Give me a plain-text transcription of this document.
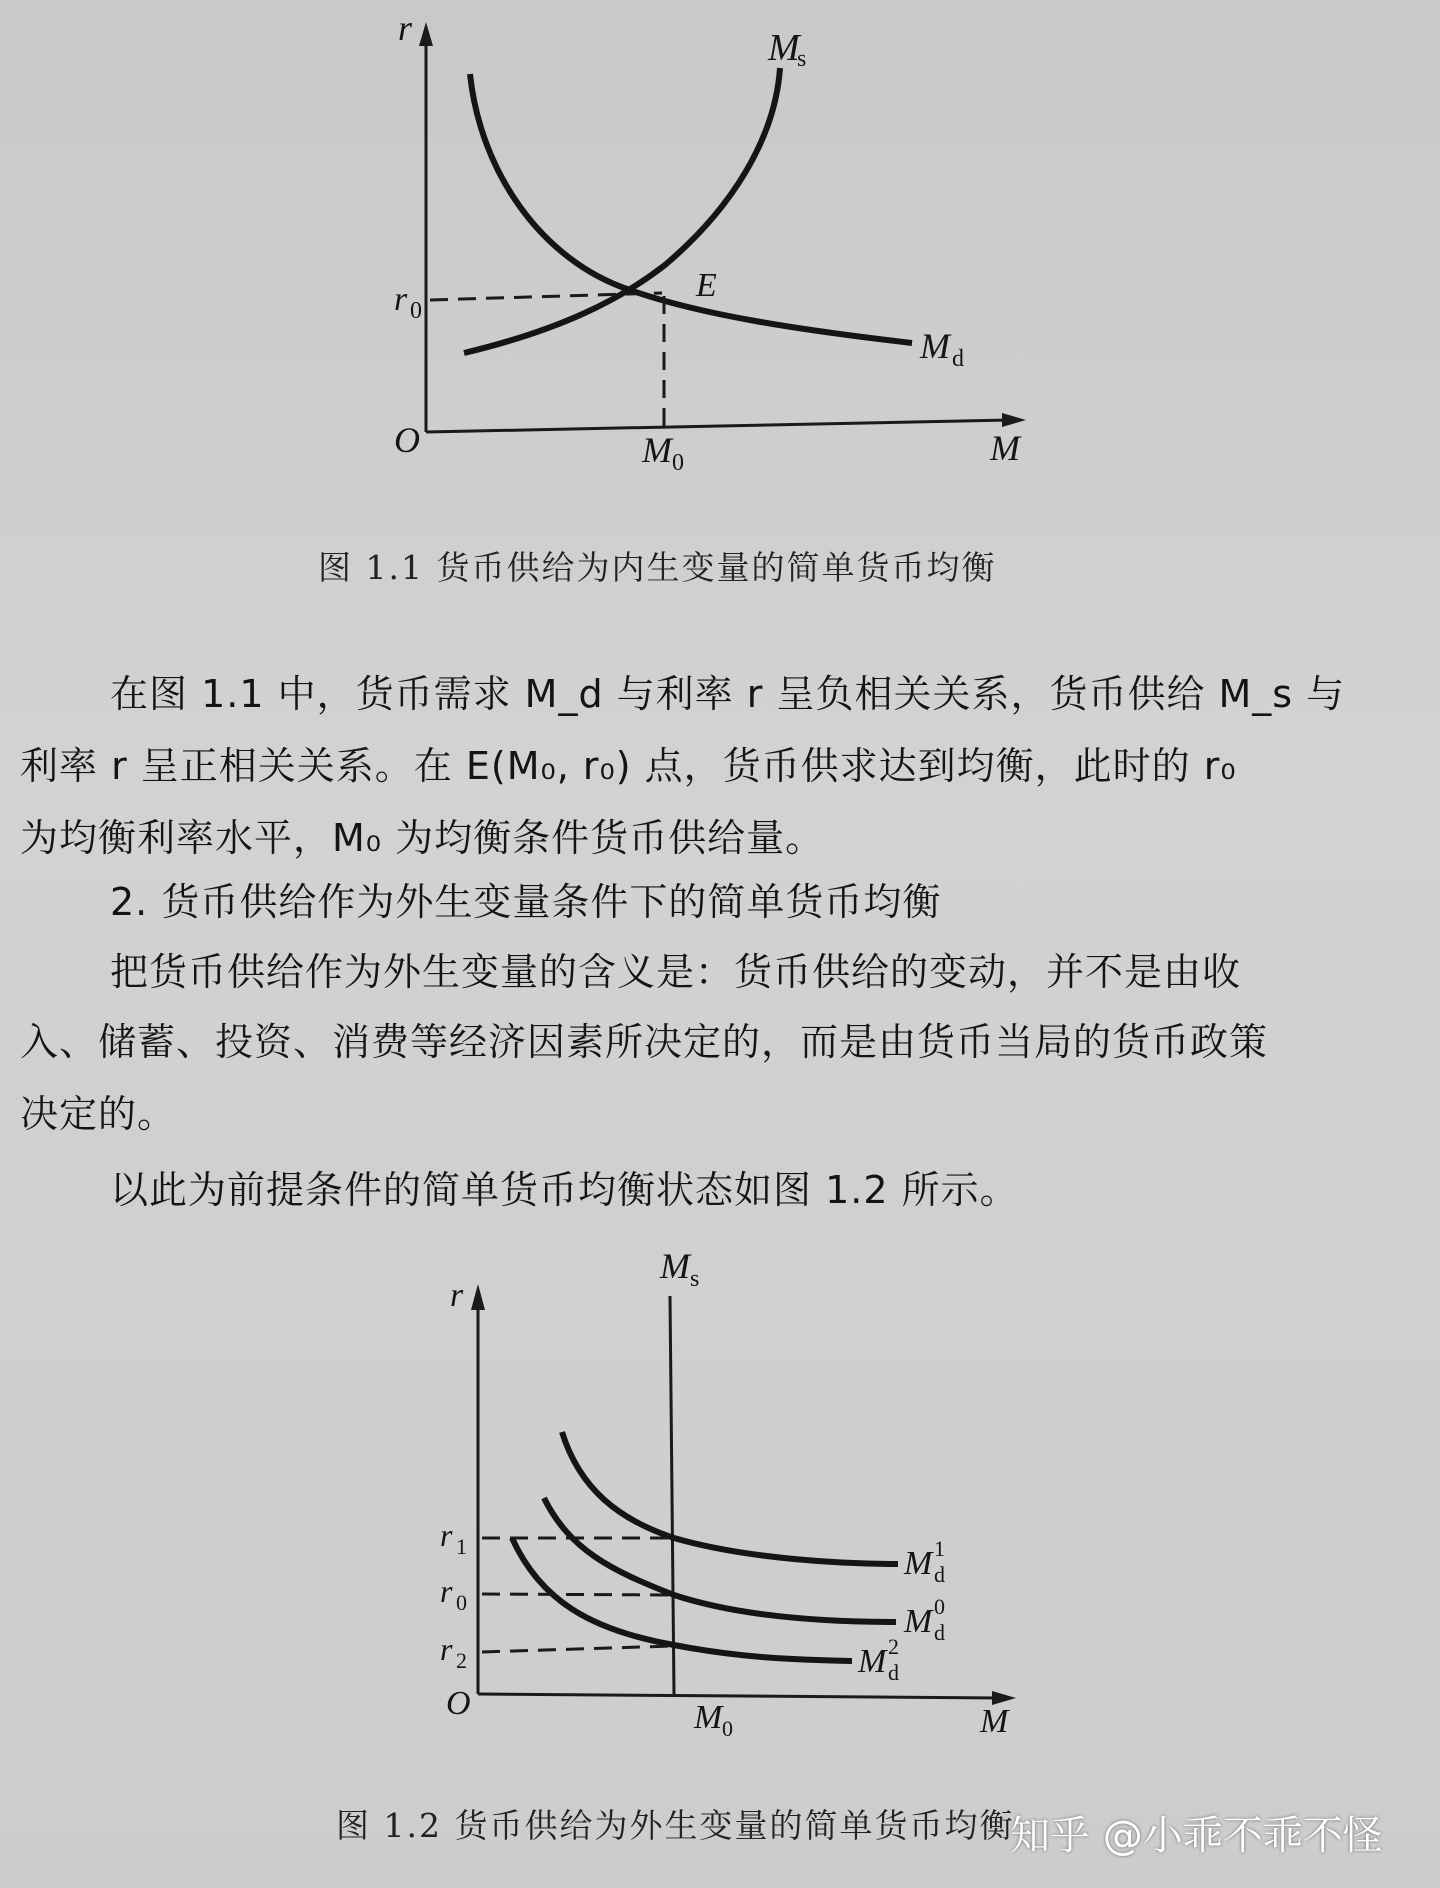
r	M
s
E
r 0
M d
O	M 0	M
图 1.1 货币供给为内生变量的简单货币均衡
在图 1.1 中，货币需求 M_d 与利率 r 呈负相关关系，货币供给 M_s 与
利率 r 呈正相关关系。在 E(M₀, r₀) 点，货币供求达到均衡，此时的 r₀
为均衡利率水平，M₀ 为均衡条件货币供给量。
2. 货币供给作为外生变量条件下的简单货币均衡
把货币供给作为外生变量的含义是：货币供给的变动，并不是由收
入、储蓄、投资、消费等经济因素所决定的，而是由货币当局的货币政策
决定的。
以此为前提条件的简单货币均衡状态如图 1.2 所示。
M s
r
r 1
r 0
r 2
M d
1
M d
0
M d
2
O	M 0	M
图 1.2 货币供给为外生变量的简单货币均衡
知乎 @小乖不乖不怪
